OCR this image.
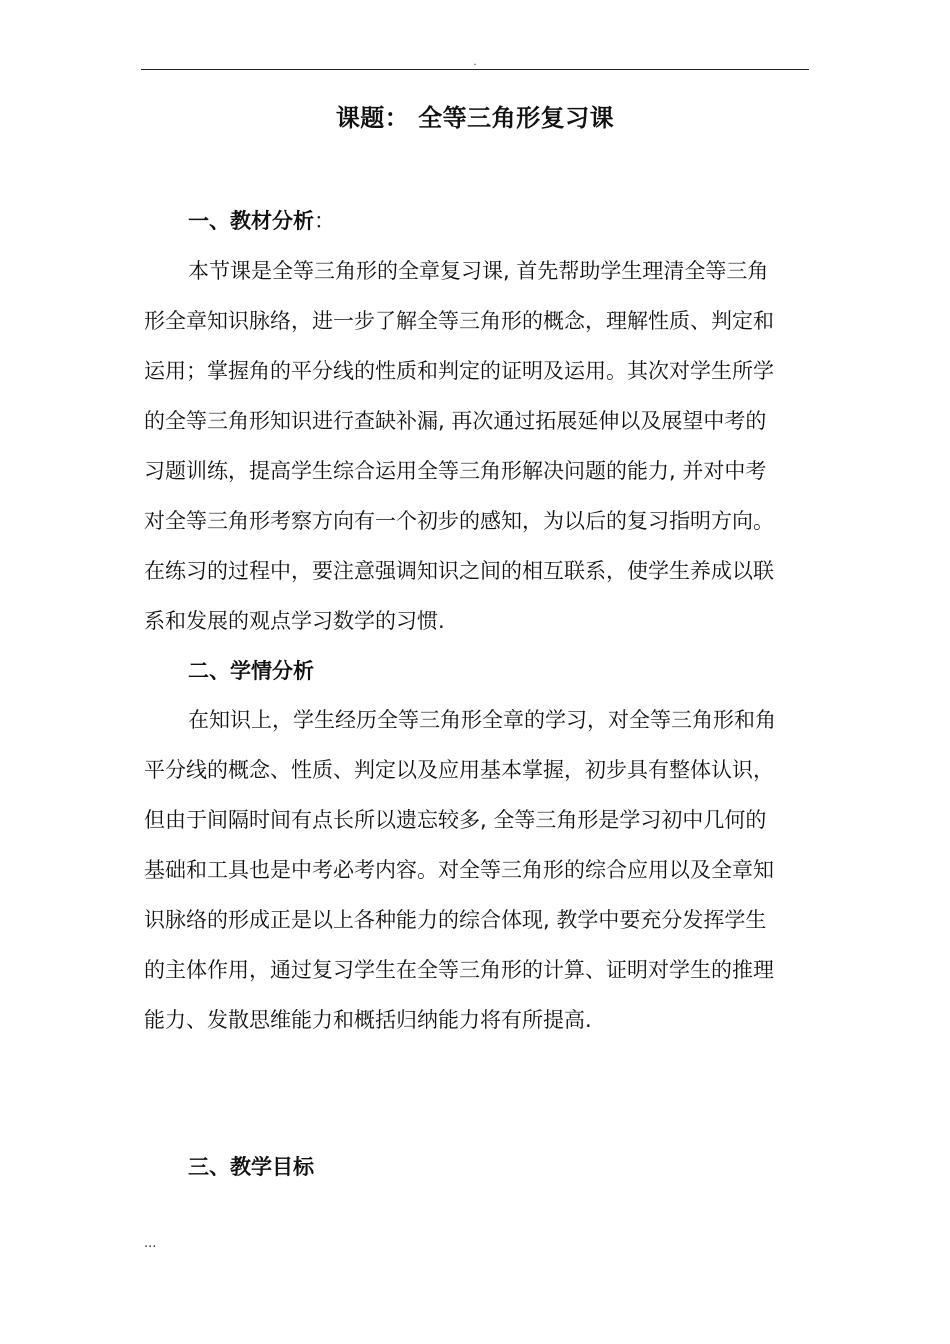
.
课题： 全等三角形复习课
一、教材分析：
本节课是全等三角形的全章复习课, 首先帮助学生理清全等三角
形全章知识脉络，进一步了解全等三角形的概念，理解性质、判定和
运用；掌握角的平分线的性质和判定的证明及运用。其次对学生所学
的全等三角形知识进行查缺补漏, 再次通过拓展延伸以及展望中考的
习题训练，提高学生综合运用全等三角形解决问题的能力, 并对中考
对全等三角形考察方向有一个初步的感知，为以后的复习指明方向。
在练习的过程中，要注意强调知识之间的相互联系，使学生养成以联
系和发展的观点学习数学的习惯.
二、学情分析
在知识上，学生经历全等三角形全章的学习，对全等三角形和角
平分线的概念、性质、判定以及应用基本掌握，初步具有整体认识，
但由于间隔时间有点长所以遗忘较多, 全等三角形是学习初中几何的
基础和工具也是中考必考内容。对全等三角形的综合应用以及全章知
识脉络的形成正是以上各种能力的综合体现, 教学中要充分发挥学生
的主体作用，通过复习学生在全等三角形的计算、证明对学生的推理
能力、发散思维能力和概括归纳能力将有所提高.
三、教学目标
...
